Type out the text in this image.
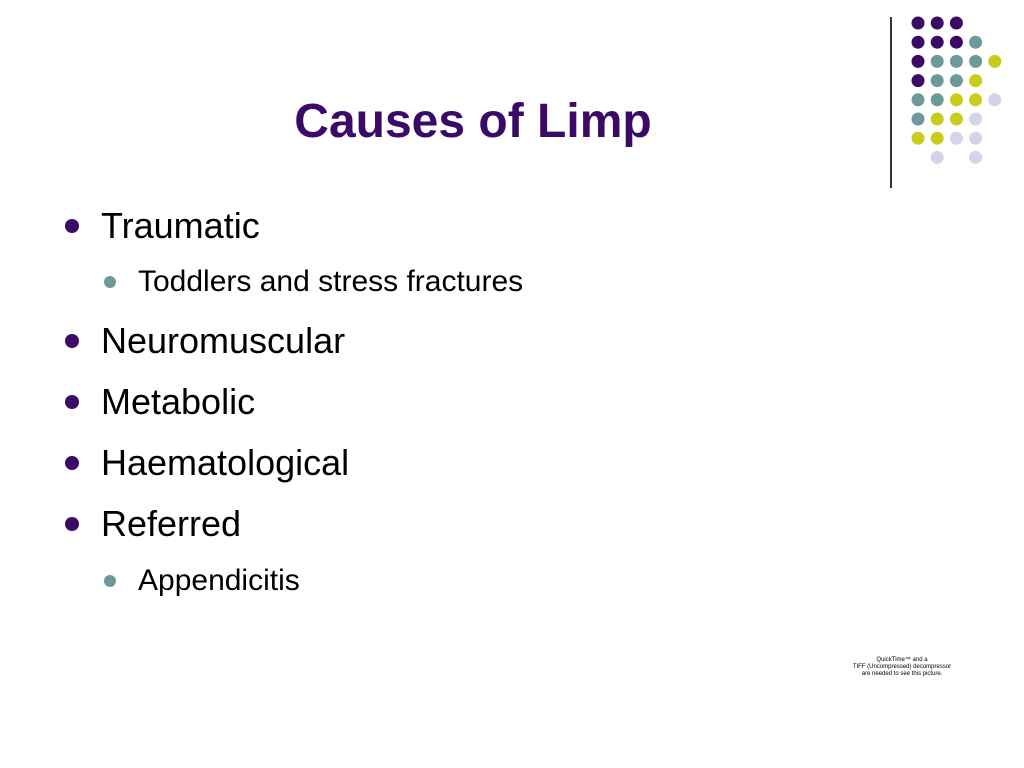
Causes of Limp
Traumatic
Toddlers and stress fractures
Neuromuscular
Metabolic
Haematological
Referred
Appendicitis
QuickTime™ and a
TIFF (Uncompressed) decompressor
are needed to see this picture.
